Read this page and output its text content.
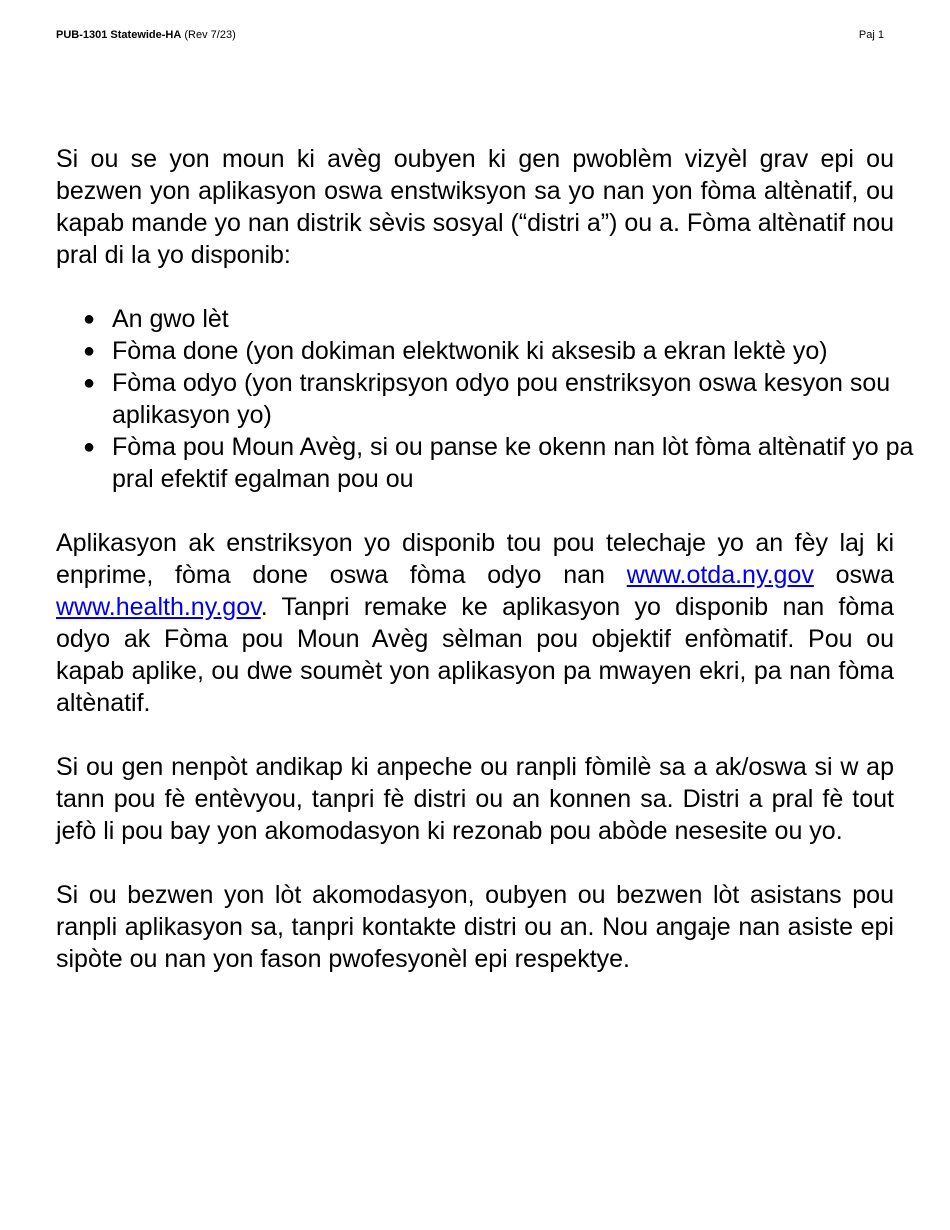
PUB-1301 Statewide-HA (Rev 7/23)	Paj 1

Si ou se yon moun ki avèg oubyen ki gen pwoblèm vizyèl grav epi ou bezwen yon aplikasyon oswa enstwiksyon sa yo nan yon fòma altènatif, ou kapab mande yo nan distrik sèvis sosyal (“distri a”) ou a. Fòma altènatif nou pral di la yo disponib:

● An gwo lèt
● Fòma done (yon dokiman elektwonik ki aksesib a ekran lektè yo)
● Fòma odyo (yon transkripsyon odyo pou enstriksyon oswa kesyon sou aplikasyon yo)
● Fòma pou Moun Avèg, si ou panse ke okenn nan lòt fòma altènatif yo pa pral efektif egalman pou ou

Aplikasyon ak enstriksyon yo disponib tou pou telechaje yo an fèy laj ki enprime, fòma done oswa fòma odyo nan www.otda.ny.gov oswa www.health.ny.gov. Tanpri remake ke aplikasyon yo disponib nan fòma odyo ak Fòma pou Moun Avèg sèlman pou objektif enfòmatif. Pou ou kapab aplike, ou dwe soumèt yon aplikasyon pa mwayen ekri, pa nan fòma altènatif.

Si ou gen nenpòt andikap ki anpeche ou ranpli fòmilè sa a ak/oswa si w ap tann pou fè entèvyou, tanpri fè distri ou an konnen sa. Distri a pral fè tout jefò li pou bay yon akomodasyon ki rezonab pou abòde nesesite ou yo.

Si ou bezwen yon lòt akomodasyon, oubyen ou bezwen lòt asistans pou ranpli aplikasyon sa, tanpri kontakte distri ou an. Nou angaje nan asiste epi sipòte ou nan yon fason pwofesyonèl epi respektye.
